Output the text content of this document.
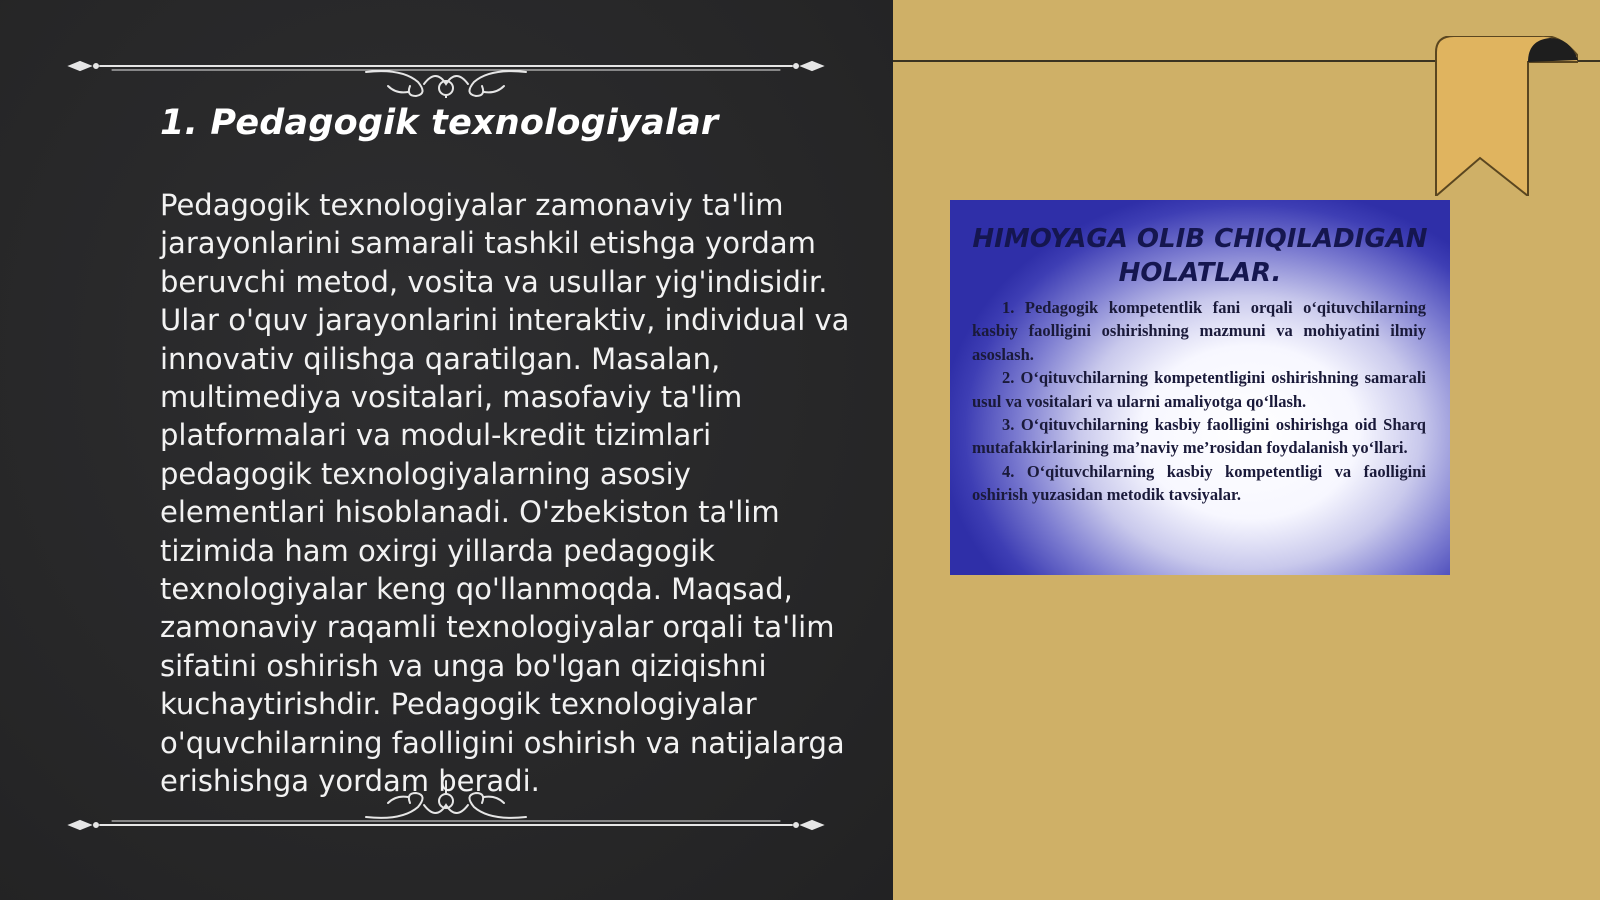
1. Pedagogik texnologiyalar

Pedagogik texnologiyalar zamonaviy ta'lim jarayonlarini samarali tashkil etishga yordam beruvchi metod, vosita va usullar yig'indisidir. Ular o'quv jarayonlarini interaktiv, individual va innovativ qilishga qaratilgan. Masalan, multimediya vositalari, masofaviy ta'lim platformalari va modul-kredit tizimlari pedagogik texnologiyalarning asosiy elementlari hisoblanadi. O'zbekiston ta'lim tizimida ham oxirgi yillarda pedagogik texnologiyalar keng qo'llanmoqda. Maqsad, zamonaviy raqamli texnologiyalar orqali ta'lim sifatini oshirish va unga bo'lgan qiziqishni kuchaytirishdir. Pedagogik texnologiyalar o'quvchilarning faolligini oshirish va natijalarga erishishga yordam beradi.

HIMOYAGA OLIB CHIQILADIGAN
HOLATLAR.
1. Pedagogik kompetentlik fani orqali o‘qituvchilarning kasbiy faolligini oshirishning mazmuni va mohiyatini ilmiy asoslash.
2. O‘qituvchilarning kompetentligini oshirishning samarali usul va vositalari va ularni amaliyotga qo‘llash.
3. O‘qituvchilarning kasbiy faolligini oshirishga oid Sharq mutafakkirlarining ma’naviy me’rosidan foydalanish yo‘llari.
4. O‘qituvchilarning kasbiy kompetentligi va faolligini oshirish yuzasidan metodik tavsiyalar.
